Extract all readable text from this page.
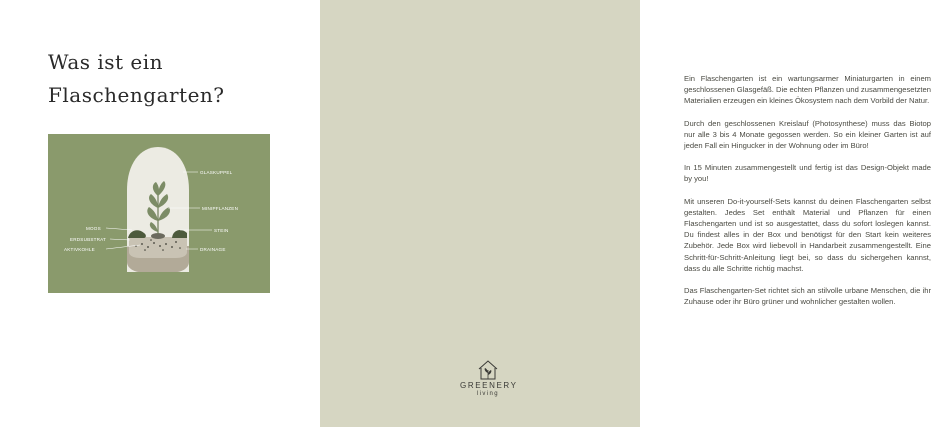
Was ist ein
Flaschengarten?
GLASKUPPEL
MINIPFLANZEN
MOOS	STEIN
ERDSUBSTRAT
AKTIVKOHLE	DRAINAGE

Ein Flaschengarten ist ein wartungsarmer Miniaturgarten in einem geschlossenen Glasgefäß. Die echten Pflanzen und zusammengesetzten Materialien erzeugen ein kleines Ökosystem nach dem Vorbild der Natur.

Durch den geschlossenen Kreislauf (Photosynthese) muss das Biotop nur alle 3 bis 4 Monate gegossen werden. So ein kleiner Garten ist auf jeden Fall ein Hingucker in der Wohnung oder im Büro!

In 15 Minuten zusammengestellt und fertig ist das Design-Objekt made by you!

Mit unseren Do-it-yourself-Sets kannst du deinen Flaschengarten selbst gestalten. Jedes Set enthält Material und Pflanzen für einen Flaschengarten und ist so ausgestattet, dass du sofort loslegen kannst. Du findest alles in der Box und benötigst für den Start kein weiteres Zubehör. Jede Box wird liebevoll in Handarbeit zusammengestellt. Eine Schritt-für-Schritt-Anleitung liegt bei, so dass du sichergehen kannst, dass du alle Schritte richtig machst.

Das Flaschengarten-Set richtet sich an stilvolle urbane Menschen, die ihr Zuhause oder ihr Büro grüner und wohnlicher gestalten wollen.

GREENERY
living
